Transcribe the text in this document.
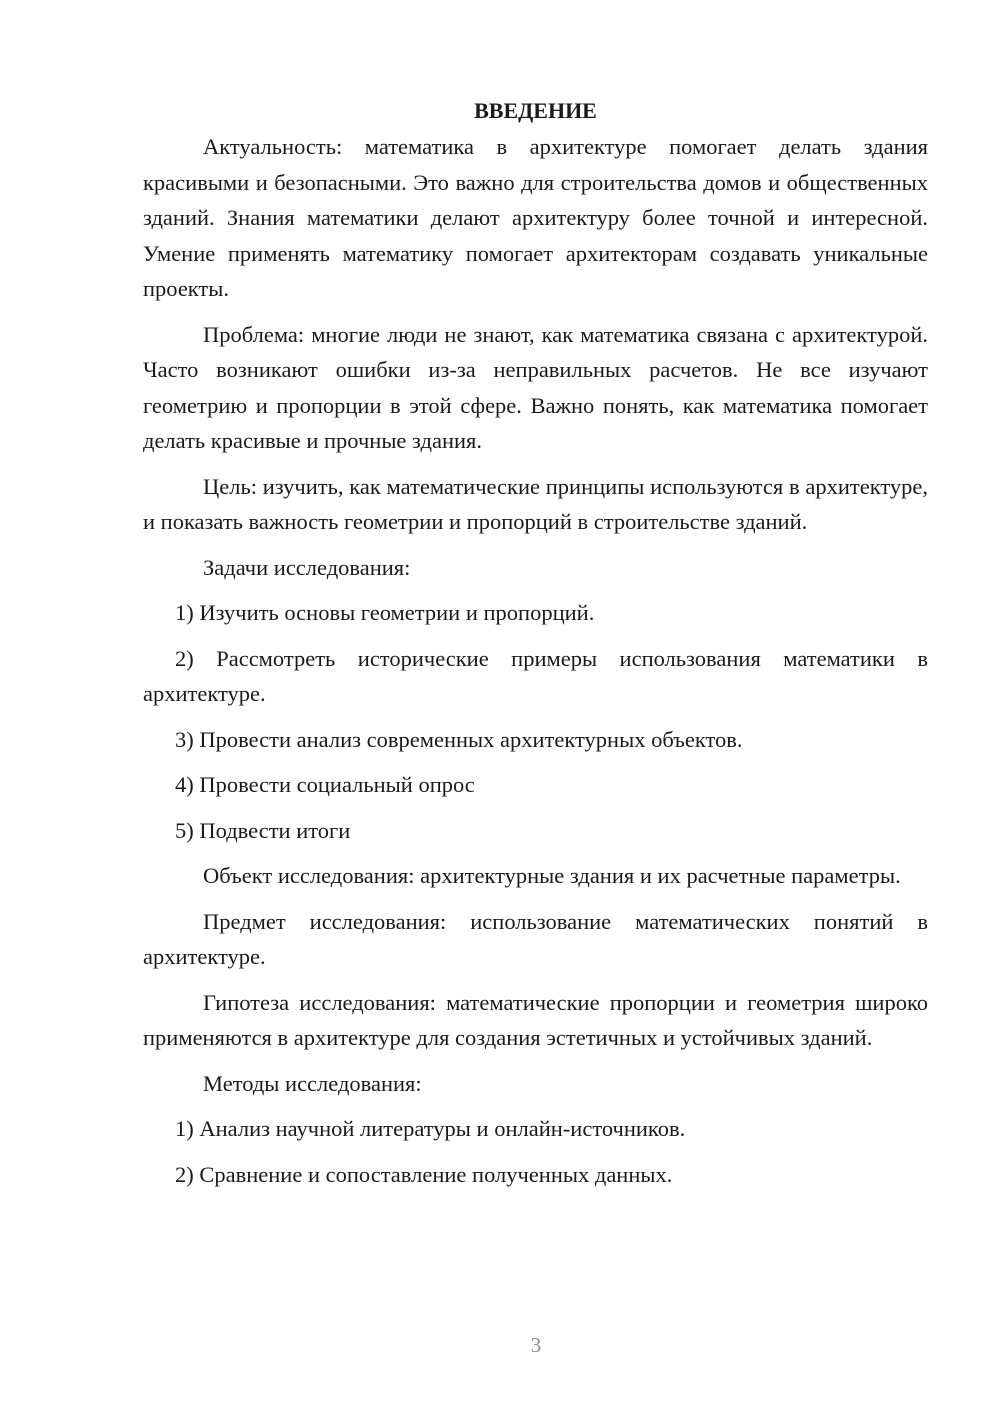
ВВЕДЕНИЕ

Актуальность: математика в архитектуре помогает делать здания красивыми и безопасными. Это важно для строительства домов и общественных зданий. Знания математики делают архитектуру более точной и интересной. Умение применять математику помогает архитекторам создавать уникальные проекты.

Проблема: многие люди не знают, как математика связана с архитектурой. Часто возникают ошибки из-за неправильных расчетов. Не все изучают геометрию и пропорции в этой сфере. Важно понять, как математика помогает делать красивые и прочные здания.

Цель: изучить, как математические принципы используются в архитектуре, и показать важность геометрии и пропорций в строительстве зданий.

Задачи исследования:

1) Изучить основы геометрии и пропорций.

2) Рассмотреть исторические примеры использования математики в архитектуре.

3) Провести анализ современных архитектурных объектов.

4) Провести социальный опрос

5) Подвести итоги

Объект исследования: архитектурные здания и их расчетные параметры.

Предмет исследования: использование математических понятий в архитектуре.

Гипотеза исследования: математические пропорции и геометрия широко применяются в архитектуре для создания эстетичных и устойчивых зданий.

Методы исследования:

1) Анализ научной литературы и онлайн-источников.

2) Сравнение и сопоставление полученных данных.

3
